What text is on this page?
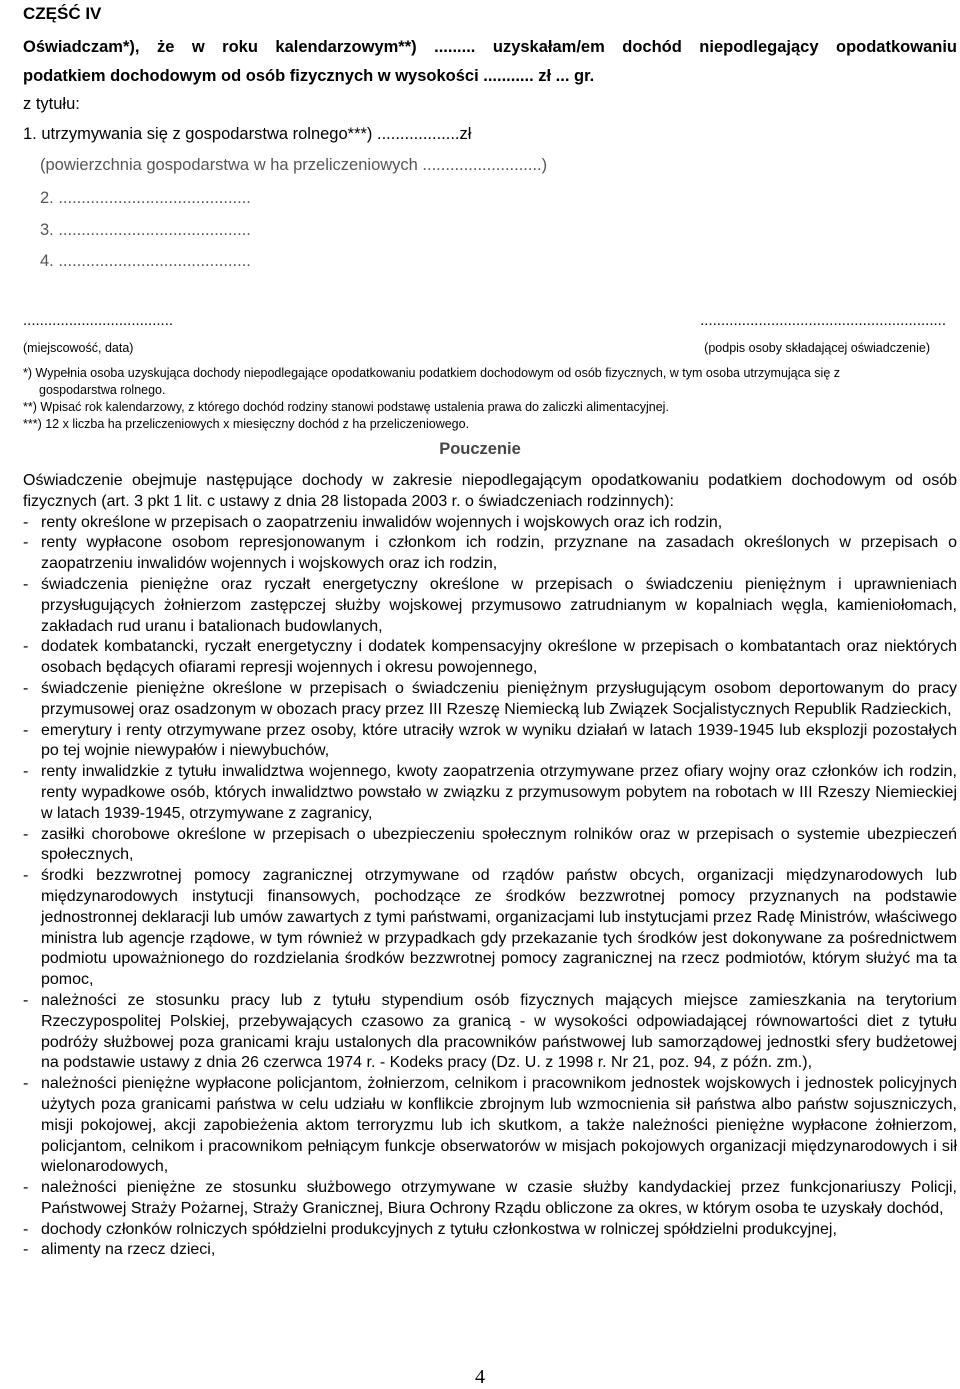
CZĘŚĆ IV
Oświadczam*), że w roku kalendarzowym**) ......... uzyskałam/em dochód niepodlegający opodatkowaniu
podatkiem dochodowym od osób fizycznych w wysokości ........... zł ... gr.
z tytułu:
1. utrzymywania się z gospodarstwa rolnego***) ..................zł
(powierzchnia gospodarstwa w ha przeliczeniowych ..........................)
2. ..........................................
3. ..........................................
4. ..........................................
....................................	...........................................................
(miejscowość, data)	(podpis osoby składającej oświadczenie)
*) Wypełnia osoba uzyskująca dochody niepodlegające opodatkowaniu podatkiem dochodowym od osób fizycznych, w tym osoba utrzymująca się z
gospodarstwa rolnego.
**) Wpisać rok kalendarzowy, z którego dochód rodziny stanowi podstawę ustalenia prawa do zaliczki alimentacyjnej.
***) 12 x liczba ha przeliczeniowych x miesięczny dochód z ha przeliczeniowego.
Pouczenie
Oświadczenie obejmuje następujące dochody w zakresie niepodlegającym opodatkowaniu podatkiem dochodowym od osób fizycznych (art. 3 pkt 1 lit. c ustawy z dnia 28 listopada 2003 r. o świadczeniach rodzinnych):
- renty określone w przepisach o zaopatrzeniu inwalidów wojennych i wojskowych oraz ich rodzin,
- renty wypłacone osobom represjonowanym i członkom ich rodzin, przyznane na zasadach określonych w przepisach o zaopatrzeniu inwalidów wojennych i wojskowych oraz ich rodzin,
- świadczenia pieniężne oraz ryczałt energetyczny określone w przepisach o świadczeniu pieniężnym i uprawnieniach przysługujących żołnierzom zastępczej służby wojskowej przymusowo zatrudnianym w kopalniach węgla, kamieniołomach, zakładach rud uranu i batalionach budowlanych,
- dodatek kombatancki, ryczałt energetyczny i dodatek kompensacyjny określone w przepisach o kombatantach oraz niektórych osobach będących ofiarami represji wojennych i okresu powojennego,
- świadczenie pieniężne określone w przepisach o świadczeniu pieniężnym przysługującym osobom deportowanym do pracy przymusowej oraz osadzonym w obozach pracy przez III Rzeszę Niemiecką lub Związek Socjalistycznych Republik Radzieckich,
- emerytury i renty otrzymywane przez osoby, które utraciły wzrok w wyniku działań w latach 1939-1945 lub eksplozji pozostałych po tej wojnie niewypałów i niewybuchów,
- renty inwalidzkie z tytułu inwalidztwa wojennego, kwoty zaopatrzenia otrzymywane przez ofiary wojny oraz członków ich rodzin, renty wypadkowe osób, których inwalidztwo powstało w związku z przymusowym pobytem na robotach w III Rzeszy Niemieckiej w latach 1939-1945, otrzymywane z zagranicy,
- zasiłki chorobowe określone w przepisach o ubezpieczeniu społecznym rolników oraz w przepisach o systemie ubezpieczeń społecznych,
- środki bezzwrotnej pomocy zagranicznej otrzymywane od rządów państw obcych, organizacji międzynarodowych lub międzynarodowych instytucji finansowych, pochodzące ze środków bezzwrotnej pomocy przyznanych na podstawie jednostronnej deklaracji lub umów zawartych z tymi państwami, organizacjami lub instytucjami przez Radę Ministrów, właściwego ministra lub agencje rządowe, w tym również w przypadkach gdy przekazanie tych środków jest dokonywane za pośrednictwem podmiotu upoważnionego do rozdzielania środków bezzwrotnej pomocy zagranicznej na rzecz podmiotów, którym służyć ma ta pomoc,
- należności ze stosunku pracy lub z tytułu stypendium osób fizycznych mających miejsce zamieszkania na terytorium Rzeczypospolitej Polskiej, przebywających czasowo za granicą - w wysokości odpowiadającej równowartości diet z tytułu podróży służbowej poza granicami kraju ustalonych dla pracowników państwowej lub samorządowej jednostki sfery budżetowej na podstawie ustawy z dnia 26 czerwca 1974 r. - Kodeks pracy (Dz. U. z 1998 r. Nr 21, poz. 94, z późn. zm.),
- należności pieniężne wypłacone policjantom, żołnierzom, celnikom i pracownikom jednostek wojskowych i jednostek policyjnych użytych poza granicami państwa w celu udziału w konflikcie zbrojnym lub wzmocnienia sił państwa albo państw sojuszniczych, misji pokojowej, akcji zapobieżenia aktom terroryzmu lub ich skutkom, a także należności pieniężne wypłacone żołnierzom, policjantom, celnikom i pracownikom pełniącym funkcje obserwatorów w misjach pokojowych organizacji międzynarodowych i sił wielonarodowych,
- należności pieniężne ze stosunku służbowego otrzymywane w czasie służby kandydackiej przez funkcjonariuszy Policji, Państwowej Straży Pożarnej, Straży Granicznej, Biura Ochrony Rządu obliczone za okres, w którym osoba te uzyskały dochód,
- dochody członków rolniczych spółdzielni produkcyjnych z tytułu członkostwa w rolniczej spółdzielni produkcyjnej,
- alimenty na rzecz dzieci,
4
